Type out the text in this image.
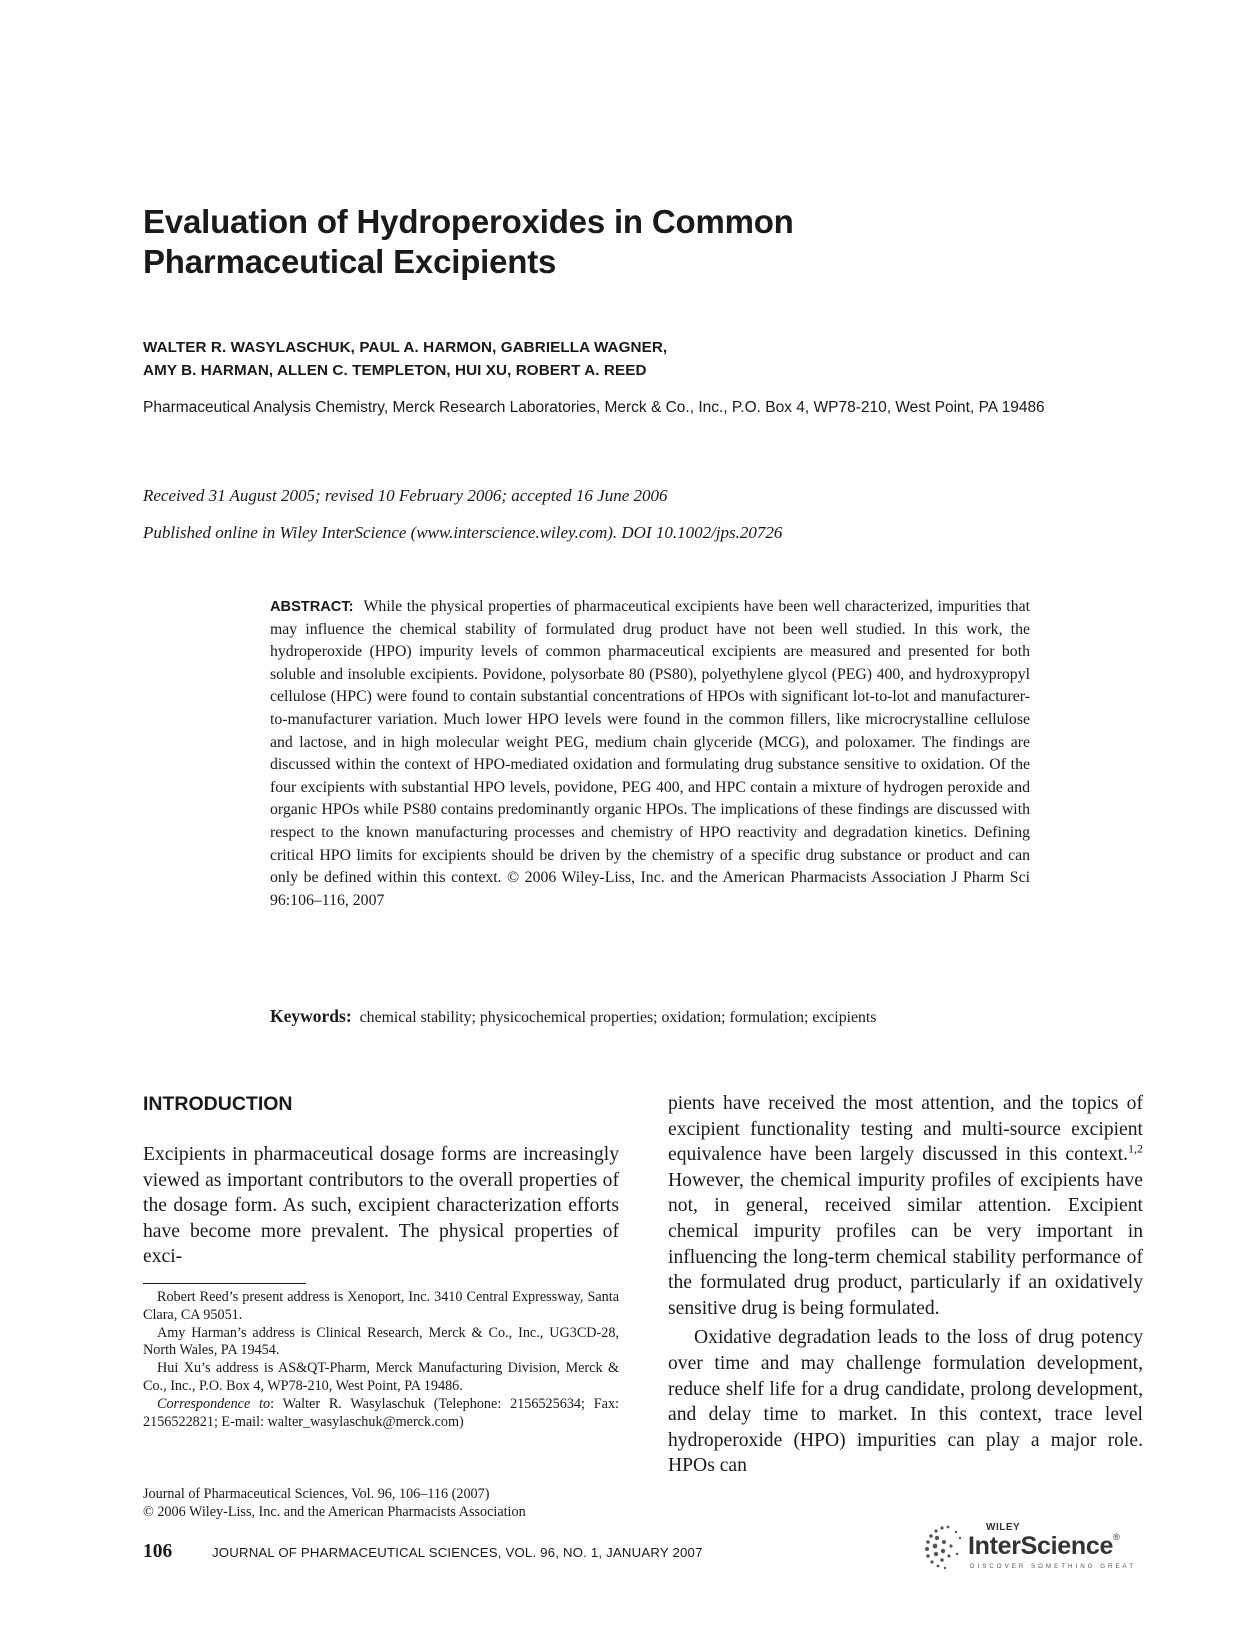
Evaluation of Hydroperoxides in Common Pharmaceutical Excipients
WALTER R. WASYLASCHUK, PAUL A. HARMON, GABRIELLA WAGNER,
AMY B. HARMAN, ALLEN C. TEMPLETON, HUI XU, ROBERT A. REED
Pharmaceutical Analysis Chemistry, Merck Research Laboratories, Merck & Co., Inc., P.O. Box 4, WP78-210, West Point, PA 19486
Received 31 August 2005; revised 10 February 2006; accepted 16 June 2006
Published online in Wiley InterScience (www.interscience.wiley.com). DOI 10.1002/jps.20726
ABSTRACT: While the physical properties of pharmaceutical excipients have been well characterized, impurities that may influence the chemical stability of formulated drug product have not been well studied. In this work, the hydroperoxide (HPO) impurity levels of common pharmaceutical excipients are measured and presented for both soluble and insoluble excipients. Povidone, polysorbate 80 (PS80), polyethylene glycol (PEG) 400, and hydroxypropyl cellulose (HPC) were found to contain substantial concentrations of HPOs with significant lot-to-lot and manufacturer-to-manufacturer variation. Much lower HPO levels were found in the common fillers, like microcrystalline cellulose and lactose, and in high molecular weight PEG, medium chain glyceride (MCG), and poloxamer. The findings are discussed within the context of HPO-mediated oxidation and formulating drug substance sensitive to oxidation. Of the four excipients with substantial HPO levels, povidone, PEG 400, and HPC contain a mixture of hydrogen peroxide and organic HPOs while PS80 contains predominantly organic HPOs. The implications of these findings are discussed with respect to the known manufacturing processes and chemistry of HPO reactivity and degradation kinetics. Defining critical HPO limits for excipients should be driven by the chemistry of a specific drug substance or product and can only be defined within this context. © 2006 Wiley-Liss, Inc. and the American Pharmacists Association J Pharm Sci 96:106–116, 2007
Keywords: chemical stability; physicochemical properties; oxidation; formulation; excipients
INTRODUCTION
Excipients in pharmaceutical dosage forms are increasingly viewed as important contributors to the overall properties of the dosage form. As such, excipient characterization efforts have become more prevalent. The physical properties of exci-

Robert Reed’s present address is Xenoport, Inc. 3410 Central Expressway, Santa Clara, CA 95051.

Amy Harman’s address is Clinical Research, Merck & Co., Inc., UG3CD-28, North Wales, PA 19454.

Hui Xu’s address is AS&QT-Pharm, Merck Manufacturing Division, Merck & Co., Inc., P.O. Box 4, WP78-210, West Point, PA 19486.

Correspondence to: Walter R. Wasylaschuk (Telephone: 2156525634; Fax: 2156522821; E-mail: walter_wasylaschuk@merck.com)

Journal of Pharmaceutical Sciences, Vol. 96, 106–116 (2007)
© 2006 Wiley-Liss, Inc. and the American Pharmacists Association

pients have received the most attention, and the topics of excipient functionality testing and multi-source excipient equivalence have been largely discussed in this context.$^{1,2}$ However, the chemical impurity profiles of excipients have not, in general, received similar attention. Excipient chemical impurity profiles can be very important in influencing the long-term chemical stability performance of the formulated drug product, particularly if an oxidatively sensitive drug is being formulated.

Oxidative degradation leads to the loss of drug potency over time and may challenge formulation development, reduce shelf life for a drug candidate, prolong development, and delay time to market. In this context, trace level hydroperoxide (HPO) impurities can play a major role. HPOs can

106	JOURNAL OF PHARMACEUTICAL SCIENCES, VOL. 96, NO. 1, JANUARY 2007
WILEY
InterScience®
DISCOVER SOMETHING GREAT
